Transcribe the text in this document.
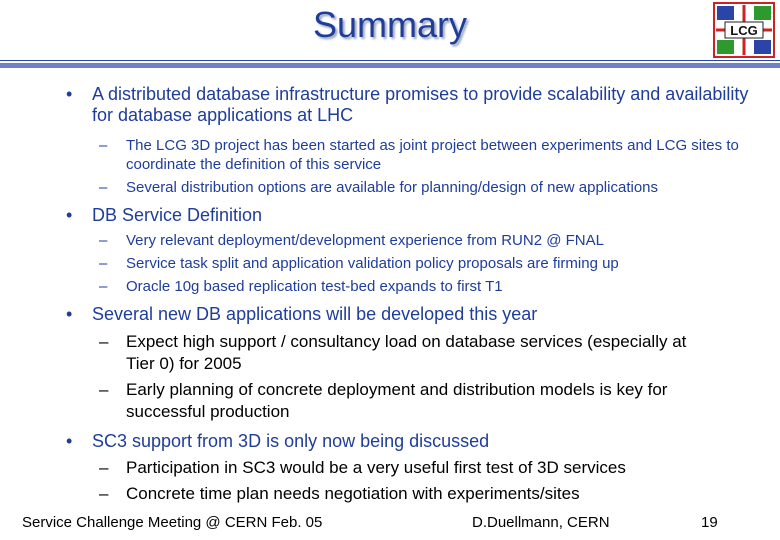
Summary	LCG
• A distributed database infrastructure promises to provide scalability and availability for database applications at LHC
– The LCG 3D project has been started as joint project between experiments and LCG sites to coordinate the definition of this service
– Several distribution options are available for planning/design of new applications
• DB Service Definition
– Very relevant deployment/development experience from RUN2 @ FNAL
– Service task split and application validation policy proposals are firming up
– Oracle 10g based replication test-bed expands to first T1
• Several new DB applications will be developed this year
– Expect high support / consultancy load on database services (especially at Tier 0) for 2005
– Early planning of concrete deployment and distribution models is key for successful production
• SC3 support from 3D is only now being discussed
– Participation in SC3 would be a very useful first test of 3D services
– Concrete time plan needs negotiation with experiments/sites
Service Challenge Meeting @ CERN Feb. 05	D.Duellmann, CERN	19
